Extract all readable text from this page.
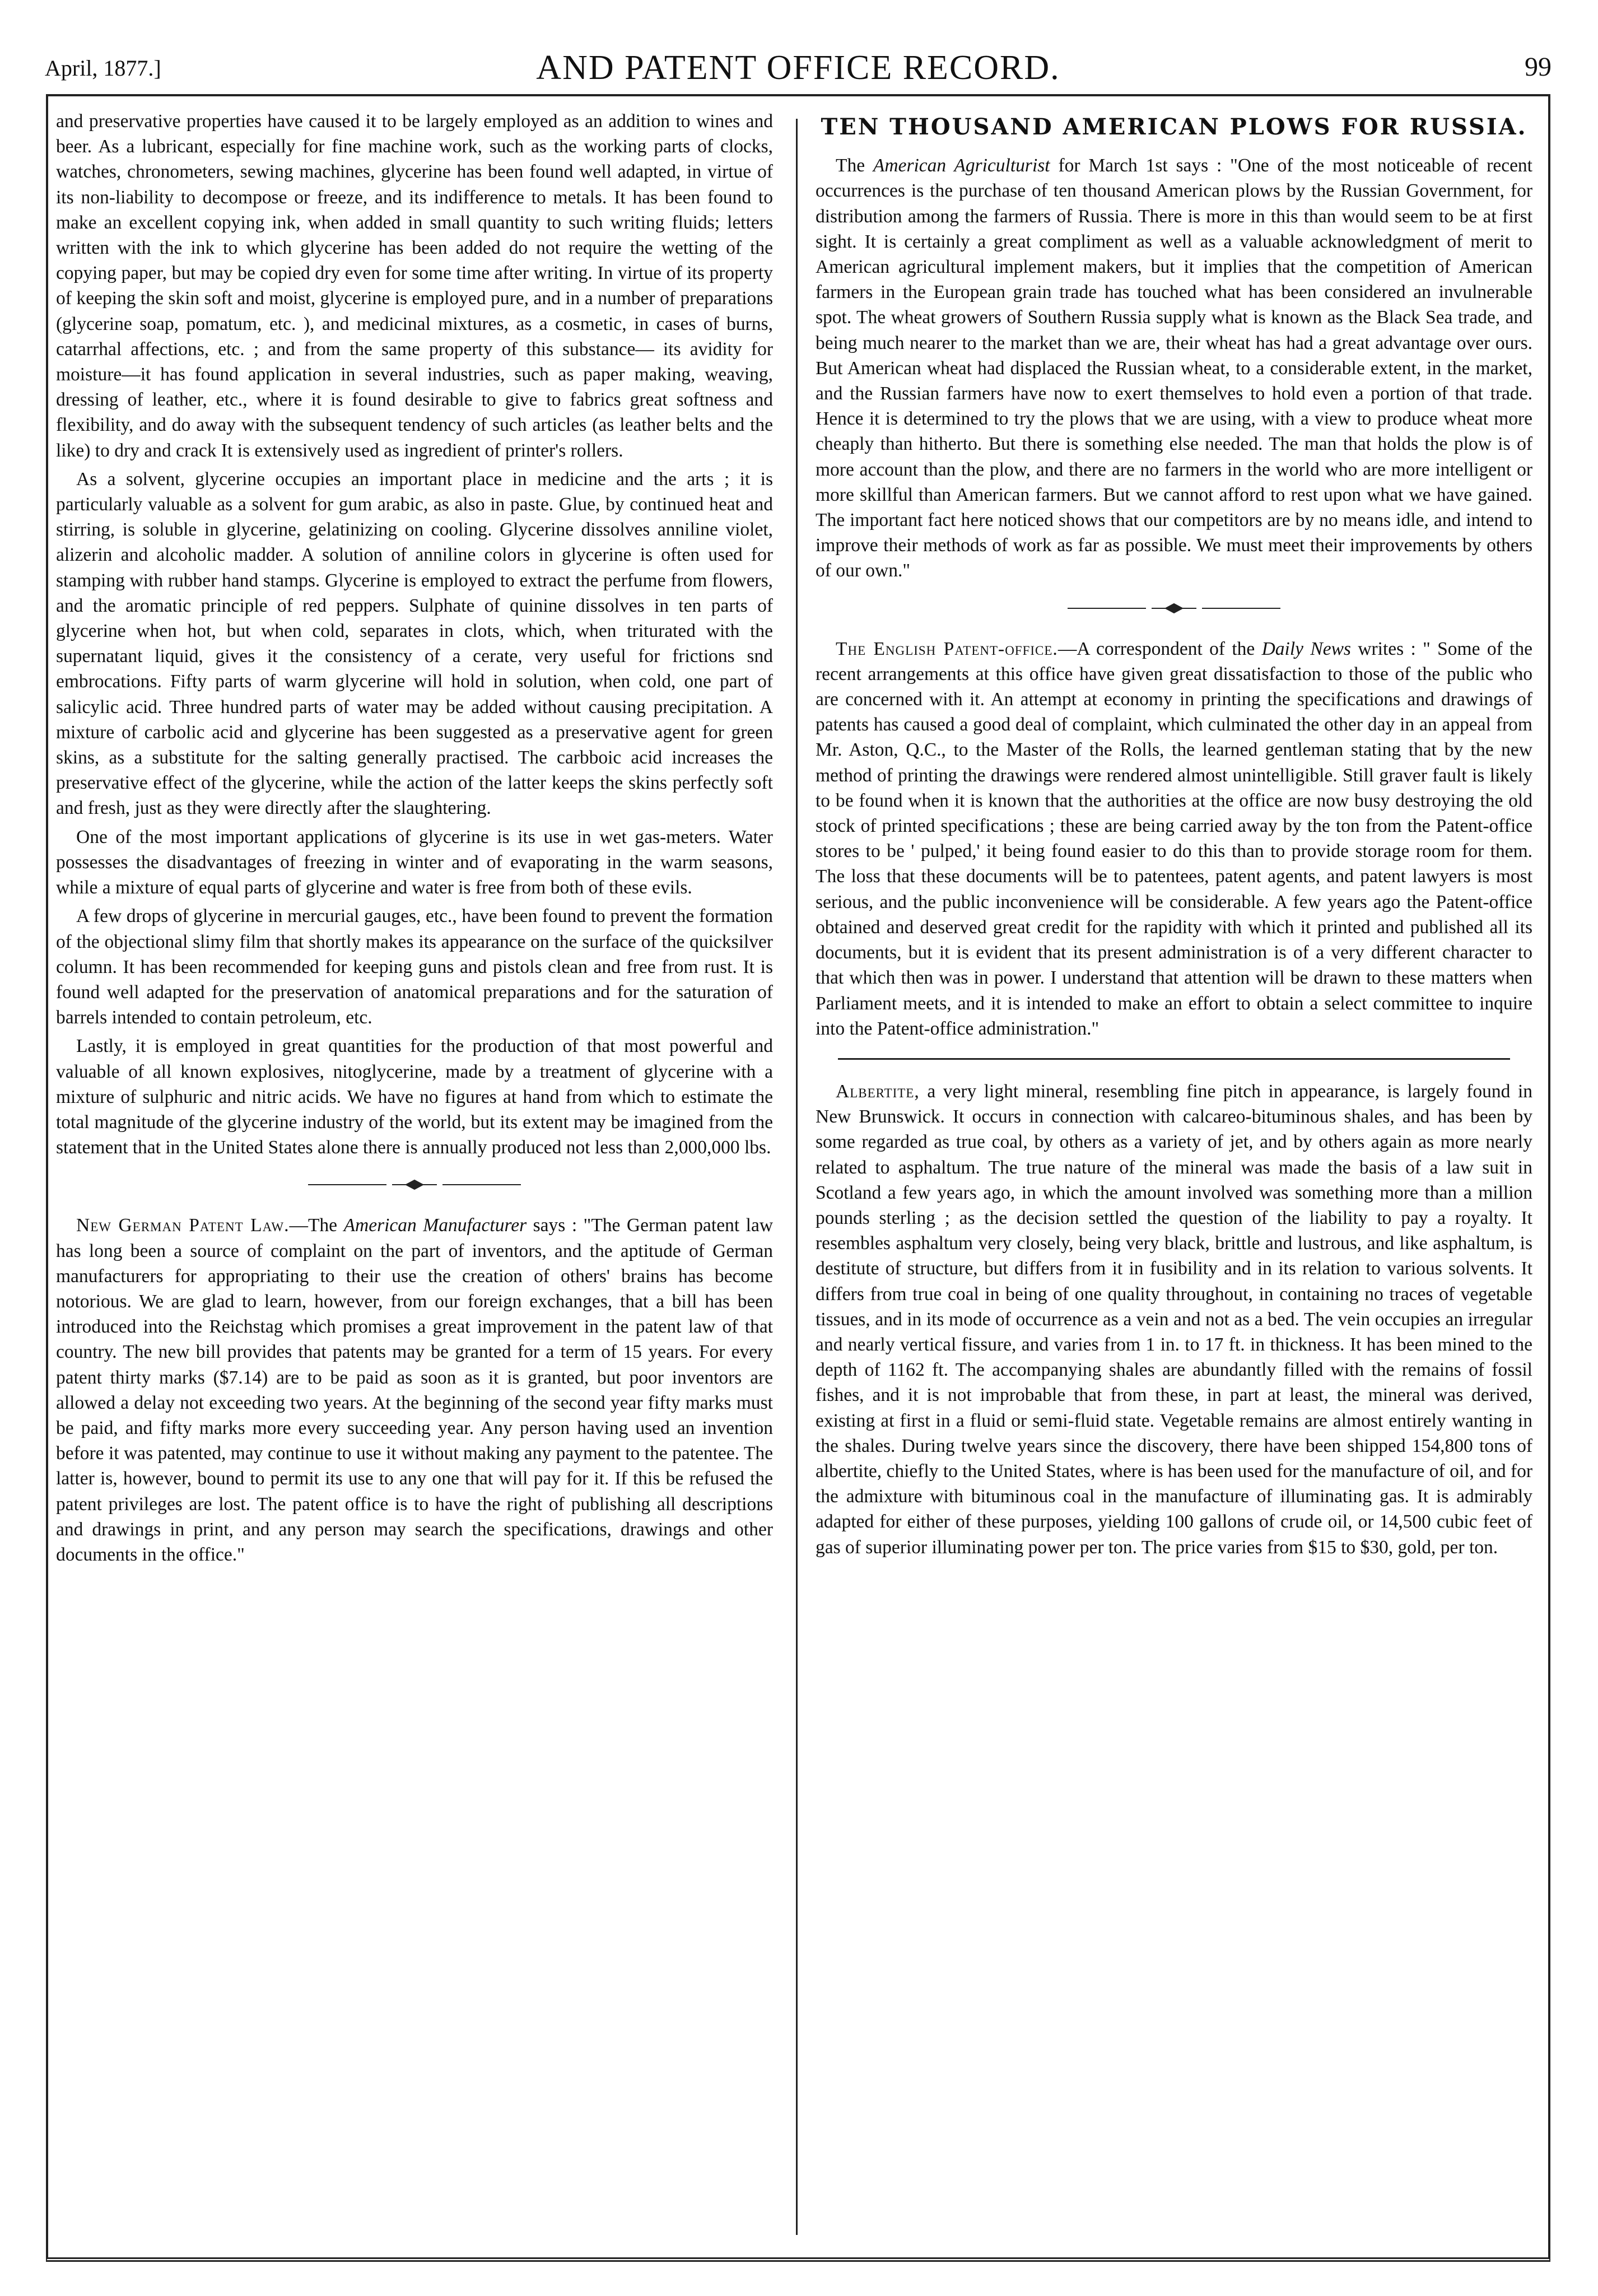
April, 1877.]	AND PATENT OFFICE RECORD.	99

and preservative properties have caused it to be largely employed as an addition to wines and beer. As a lubricant, especially for fine machine work, such as the working parts of clocks, watches, chronometers, sewing machines, glycerine has been found well adapted, in virtue of its non-liability to decompose or freeze, and its indifference to metals. It has been found to make an excellent copying ink, when added in small quantity to such writing fluids; letters written with the ink to which glycerine has been added do not require the wetting of the copying paper, but may be copied dry even for some time after writing. In virtue of its property of keeping the skin soft and moist, glycerine is employed pure, and in a number of preparations (glycerine soap, pomatum, etc. ), and medicinal mixtures, as a cosmetic, in cases of burns, catarrhal affections, etc. ; and from the same property of this substance— its avidity for moisture—it has found application in several industries, such as paper making, weaving, dressing of leather, etc., where it is found desirable to give to fabrics great softness and flexibility, and do away with the subsequent tendency of such articles (as leather belts and the like) to dry and crack It is extensively used as ingredient of printer's rollers.

As a solvent, glycerine occupies an important place in medicine and the arts ; it is particularly valuable as a solvent for gum arabic, as also in paste. Glue, by continued heat and stirring, is soluble in glycerine, gelatinizing on cooling. Glycerine dissolves anniline violet, alizerin and alcoholic madder. A solution of anniline colors in glycerine is often used for stamping with rubber hand stamps. Glycerine is employed to extract the perfume from flowers, and the aromatic principle of red peppers. Sulphate of quinine dissolves in ten parts of glycerine when hot, but when cold, separates in clots, which, when triturated with the supernatant liquid, gives it the consistency of a cerate, very useful for frictions snd embrocations. Fifty parts of warm glycerine will hold in solution, when cold, one part of salicylic acid. Three hundred parts of water may be added without causing precipitation. A mixture of carbolic acid and glycerine has been suggested as a preservative agent for green skins, as a substitute for the salting generally practised. The carbboic acid increases the preservative effect of the glycerine, while the action of the latter keeps the skins perfectly soft and fresh, just as they were directly after the slaughtering.

One of the most important applications of glycerine is its use in wet gas-meters. Water possesses the disadvantages of freezing in winter and of evaporating in the warm seasons, while a mixture of equal parts of glycerine and water is free from both of these evils.

A few drops of glycerine in mercurial gauges, etc., have been found to prevent the formation of the objectional slimy film that shortly makes its appearance on the surface of the quicksilver column. It has been recommended for keeping guns and pistols clean and free from rust. It is found well adapted for the preservation of anatomical preparations and for the saturation of barrels intended to contain petroleum, etc.

Lastly, it is employed in great quantities for the production of that most powerful and valuable of all known explosives, nitoglycerine, made by a treatment of glycerine with a mixture of sulphuric and nitric acids. We have no figures at hand from which to estimate the total magnitude of the glycerine industry of the world, but its extent may be imagined from the statement that in the United States alone there is annually produced not less than 2,000,000 lbs.

New German Patent Law.—The American Manufacturer says : "The German patent law has long been a source of complaint on the part of inventors, and the aptitude of German manufacturers for appropriating to their use the creation of others' brains has become notorious. We are glad to learn, however, from our foreign exchanges, that a bill has been introduced into the Reichstag which promises a great improvement in the patent law of that country. The new bill provides that patents may be granted for a term of 15 years. For every patent thirty marks ($7.14) are to be paid as soon as it is granted, but poor inventors are allowed a delay not exceeding two years. At the beginning of the second year fifty marks must be paid, and fifty marks more every succeeding year. Any person having used an invention before it was patented, may continue to use it without making any payment to the patentee. The latter is, however, bound to permit its use to any one that will pay for it. If this be refused the patent privileges are lost. The patent office is to have the right of publishing all descriptions and drawings in print, and any person may search the specifications, drawings and other documents in the office."

TEN THOUSAND AMERICAN PLOWS FOR RUSSIA.

The American Agriculturist for March 1st says : "One of the most noticeable of recent occurrences is the purchase of ten thousand American plows by the Russian Government, for distribution among the farmers of Russia. There is more in this than would seem to be at first sight. It is certainly a great compliment as well as a valuable acknowledgment of merit to American agricultural implement makers, but it implies that the competition of American farmers in the European grain trade has touched what has been considered an invulnerable spot. The wheat growers of Southern Russia supply what is known as the Black Sea trade, and being much nearer to the market than we are, their wheat has had a great advantage over ours. But American wheat had displaced the Russian wheat, to a considerable extent, in the market, and the Russian farmers have now to exert themselves to hold even a portion of that trade. Hence it is determined to try the plows that we are using, with a view to produce wheat more cheaply than hitherto. But there is something else needed. The man that holds the plow is of more account than the plow, and there are no farmers in the world who are more intelligent or more skillful than American farmers. But we cannot afford to rest upon what we have gained. The important fact here noticed shows that our competitors are by no means idle, and intend to improve their methods of work as far as possible. We must meet their improvements by others of our own."

The English Patent-office.—A correspondent of the Daily News writes : " Some of the recent arrangements at this office have given great dissatisfaction to those of the public who are concerned with it. An attempt at economy in printing the specifications and drawings of patents has caused a good deal of complaint, which culminated the other day in an appeal from Mr. Aston, Q.C., to the Master of the Rolls, the learned gentleman stating that by the new method of printing the drawings were rendered almost unintelligible. Still graver fault is likely to be found when it is known that the authorities at the office are now busy destroying the old stock of printed specifications ; these are being carried away by the ton from the Patent-office stores to be ' pulped,' it being found easier to do this than to provide storage room for them. The loss that these documents will be to patentees, patent agents, and patent lawyers is most serious, and the public inconvenience will be considerable. A few years ago the Patent-office obtained and deserved great credit for the rapidity with which it printed and published all its documents, but it is evident that its present administration is of a very different character to that which then was in power. I understand that attention will be drawn to these matters when Parliament meets, and it is intended to make an effort to obtain a select committee to inquire into the Patent-office administration."

Albertite, a very light mineral, resembling fine pitch in appearance, is largely found in New Brunswick. It occurs in connection with calcareo-bituminous shales, and has been by some regarded as true coal, by others as a variety of jet, and by others again as more nearly related to asphaltum. The true nature of the mineral was made the basis of a law suit in Scotland a few years ago, in which the amount involved was something more than a million pounds sterling ; as the decision settled the question of the liability to pay a royalty. It resembles asphaltum very closely, being very black, brittle and lustrous, and like asphaltum, is destitute of structure, but differs from it in fusibility and in its relation to various solvents. It differs from true coal in being of one quality throughout, in containing no traces of vegetable tissues, and in its mode of occurrence as a vein and not as a bed. The vein occupies an irregular and nearly vertical fissure, and varies from 1 in. to 17 ft. in thickness. It has been mined to the depth of 1162 ft. The accompanying shales are abundantly filled with the remains of fossil fishes, and it is not improbable that from these, in part at least, the mineral was derived, existing at first in a fluid or semi-fluid state. Vegetable remains are almost entirely wanting in the shales. During twelve years since the discovery, there have been shipped 154,800 tons of albertite, chiefly to the United States, where is has been used for the manufacture of oil, and for the admixture with bituminous coal in the manufacture of illuminating gas. It is admirably adapted for either of these purposes, yielding 100 gallons of crude oil, or 14,500 cubic feet of gas of superior illuminating power per ton. The price varies from $15 to $30, gold, per ton.
